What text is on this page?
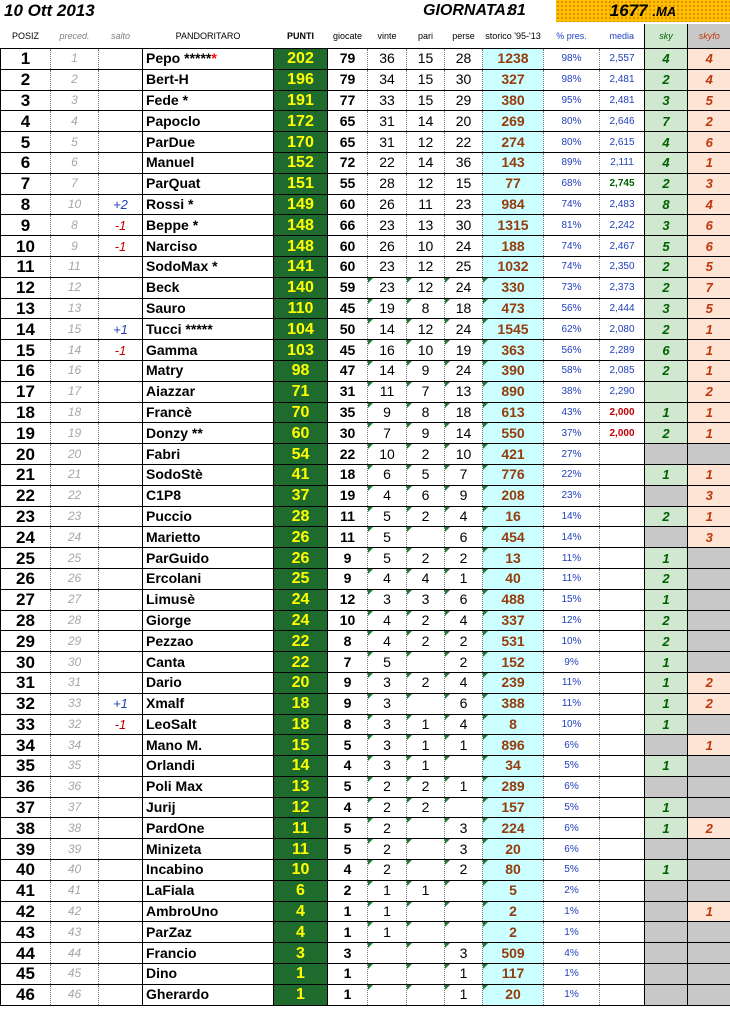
10 Ott 2013	GIORNATA:
81	1677 .MA
POSIZ	preced.	salto	PANDORITARO	PUNTI	giocate	vinte	pari	perse	storico '95-'13	% pres.	media	sky	skyfo
1	1		Pepo ******	202	79	36	15	28	1238	98%	2,557	4	4
2	2		Bert-H	196	79	34	15	30	327	98%	2,481	2	4
3	3		Fede *	191	77	33	15	29	380	95%	2,481	3	5
4	4		Papoclo	172	65	31	14	20	269	80%	2,646	7	2
5	5		ParDue	170	65	31	12	22	274	80%	2,615	4	6
6	6		Manuel	152	72	22	14	36	143	89%	2,111	4	1
7	7		ParQuat	151	55	28	12	15	77	68%	2,745	2	3
8	10	+2	Rossi *	149	60	26	11	23	984	74%	2,483	8	4
9	8	-1	Beppe *	148	66	23	13	30	1315	81%	2,242	3	6
10	9	-1	Narciso	148	60	26	10	24	188	74%	2,467	5	6
11	11		SodoMax *	141	60	23	12	25	1032	74%	2,350	2	5
12	12		Beck	140	59	23	12	24	330	73%	2,373	2	7
13	13		Sauro	110	45	19	8	18	473	56%	2,444	3	5
14	15	+1	Tucci *****	104	50	14	12	24	1545	62%	2,080	2	1
15	14	-1	Gamma	103	45	16	10	19	363	56%	2,289	6	1
16	16		Matry	98	47	14	9	24	390	58%	2,085	2	1
17	17		Aiazzar	71	31	11	7	13	890	38%	2,290		2
18	18		Francè	70	35	9	8	18	613	43%	2,000	1	1
19	19		Donzy **	60	30	7	9	14	550	37%	2,000	2	1
20	20		Fabri	54	22	10	2	10	421	27%			
21	21		SodoStè	41	18	6	5	7	776	22%		1	1
22	22		C1P8	37	19	4	6	9	208	23%			3
23	23		Puccio	28	11	5	2	4	16	14%		2	1
24	24		Marietto	26	11	5		6	454	14%			3
25	25		ParGuido	26	9	5	2	2	13	11%		1	
26	26		Ercolani	25	9	4	4	1	40	11%		2	
27	27		Limusè	24	12	3	3	6	488	15%		1	
28	28		Giorge	24	10	4	2	4	337	12%		2	
29	29		Pezzao	22	8	4	2	2	531	10%		2	
30	30		Canta	22	7	5		2	152	9%		1	
31	31		Dario	20	9	3	2	4	239	11%		1	2
32	33	+1	Xmalf	18	9	3		6	388	11%		1	2
33	32	-1	LeoSalt	18	8	3	1	4	8	10%		1	
34	34		Mano M.	15	5	3	1	1	896	6%			1
35	35		Orlandi	14	4	3	1		34	5%		1	
36	36		Poli Max	13	5	2	2	1	289	6%			
37	37		Jurij	12	4	2	2		157	5%		1	
38	38		PardOne	11	5	2		3	224	6%		1	2
39	39		Minizeta	11	5	2		3	20	6%			
40	40		Incabino	10	4	2		2	80	5%		1	
41	41		LaFiala	6	2	1	1		5	2%			
42	42		AmbroUno	4	1	1			2	1%			1
43	43		ParZaz	4	1	1			2	1%			
44	44		Francio	3	3			3	509	4%			
45	45		Dino	1	1			1	117	1%			
46	46		Gherardo	1	1			1	20	1%			
